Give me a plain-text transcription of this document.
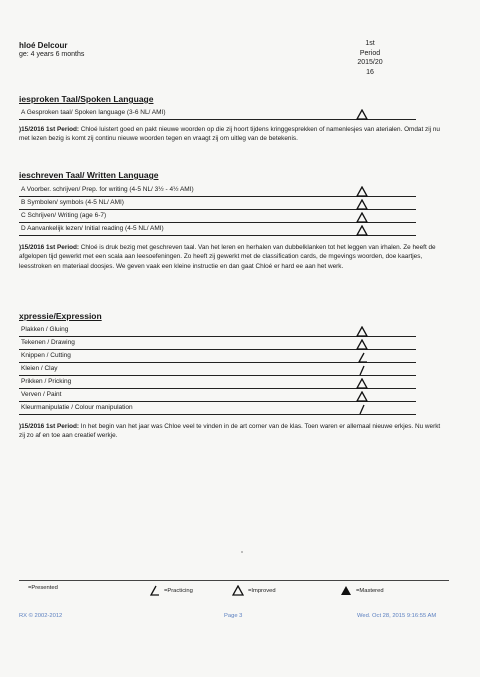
hloé Delcour
ge: 4 years 6 months
1st
Period
2015/20
16
iesproken Taal/Spoken Language
A Gesproken taal/ Spoken language (3-6 NL/ AMI)
)15/2016 1st Period: Chloé luistert goed en pakt nieuwe woorden op die zij hoort tijdens kringgesprekken of namenlesjes van aterialen. Omdat zij nu met lezen bezig is komt zij continu nieuwe woorden tegen en vraagt zij om uitleg van de betekenis.
ieschreven Taal/ Written Language
A Voorber. schrijven/ Prep. for writing (4-5 NL/ 3½ - 4½ AMI)
B Symbolen/ symbols (4-5 NL/ AMI)
C Schrijven/ Writing (age 6-7)
D Aanvankelijk lezen/ Initial reading (4-5 NL/ AMI)
)15/2016 1st Period: Chloé is druk bezig met geschreven taal. Van het leren en herhalen van dubbelklanken tot het leggen van irhalen. Ze heeft de afgelopen tijd gewerkt met een scala aan leesoefeningen. Zo heeft zij gewerkt met de classification cards, de mgevings woorden, doe kaartjes, leesstroken en materiaal doosjes. We geven vaak een kleine instructie en dan gaat Chloé er hard ee aan het werk.
xpressie/Expression
Plakken / Gluing
Tekenen / Drawing
Knippen / Cutting
Kleien / Clay
Prikken / Pricking
Verven / Paint
Kleurmanipulatie / Colour manipulation
)15/2016 1st Period: In het begin van het jaar was Chloe veel te vinden in de art corner van de klas. Toen waren er allemaal nieuwe erkjes. Nu werkt zij zo af en toe aan creatief werkje.
=Presented	=Practicing	=Improved	=Mastered
RX © 2002-2012	Page 3	Wed. Oct 28, 2015 9:16:55 AM
